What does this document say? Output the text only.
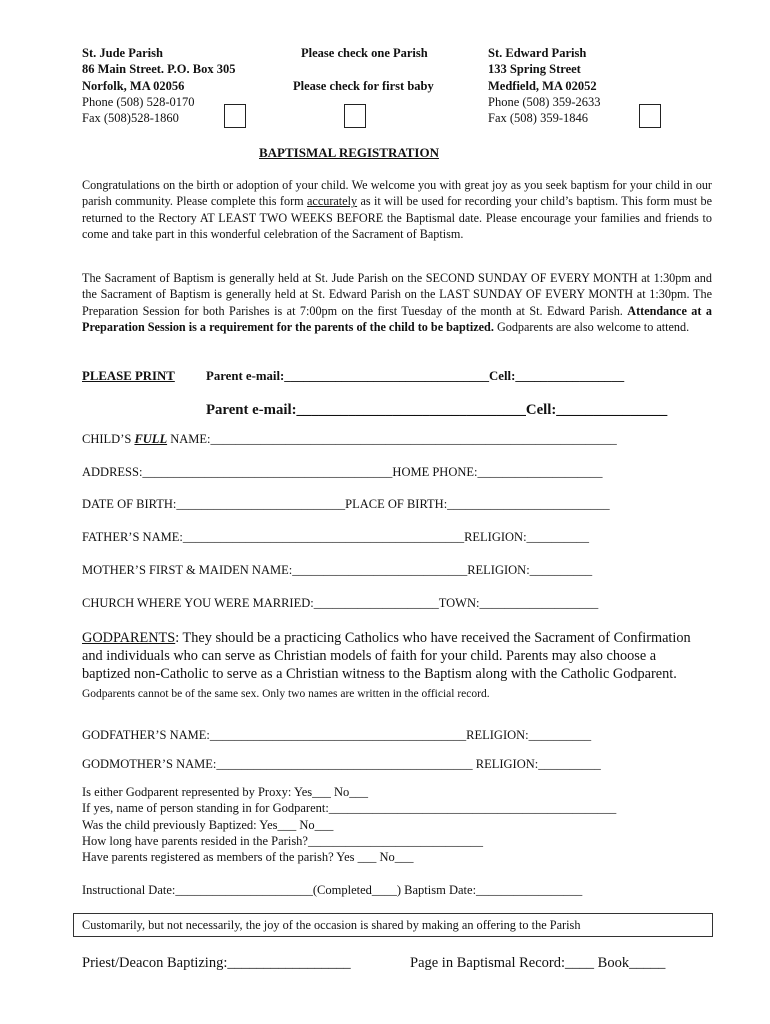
St. Jude Parish
86 Main Street. P.O. Box 305
Norfolk, MA 02056
Phone (508) 528-0170
Fax (508)528-1860
Please check one Parish
Please check for first baby
St. Edward Parish
133 Spring Street
Medfield, MA 02052
Phone (508) 359-2633
Fax (508) 359-1846
BAPTISMAL REGISTRATION
Congratulations on the birth or adoption of your child. We welcome you with great joy as you seek baptism for your child in our parish community. Please complete this form accurately as it will be used for recording your child’s baptism. This form must be returned to the Rectory AT LEAST TWO WEEKS BEFORE the Baptismal date. Please encourage your families and friends to come and take part in this wonderful celebration of the Sacrament of Baptism.
The Sacrament of Baptism is generally held at St. Jude Parish on the SECOND SUNDAY OF EVERY MONTH at 1:30pm and the Sacrament of Baptism is generally held at St. Edward Parish on the LAST SUNDAY OF EVERY MONTH at 1:30pm. The Preparation Session for both Parishes is at 7:00pm on the first Tuesday of the month at St. Edward Parish. Attendance at a Preparation Session is a requirement for the parents of the child to be baptized. Godparents are also welcome to attend.
PLEASE PRINT Parent e-mail:________________________________Cell:_________________
Parent e-mail:_______________________________Cell:_______________
CHILD’S FULL NAME:_________________________________________________________________
ADDRESS:________________________________________HOME PHONE:____________________
DATE OF BIRTH:___________________________PLACE OF BIRTH:__________________________
FATHER’S NAME:_____________________________________________RELIGION:__________
MOTHER’S FIRST & MAIDEN NAME:____________________________RELIGION:__________
CHURCH WHERE YOU WERE MARRIED:____________________TOWN:___________________
GODPARENTS: They should be a practicing Catholics who have received the Sacrament of Confirmation and individuals who can serve as Christian models of faith for your child. Parents may also choose a baptized non-Catholic to serve as a Christian witness to the Baptism along with the Catholic Godparent. Godparents cannot be of the same sex. Only two names are written in the official record.
GODFATHER’S NAME:_________________________________________RELIGION:__________
GODMOTHER’S NAME:_________________________________________ RELIGION:__________
Is either Godparent represented by Proxy: Yes___ No___
If yes, name of person standing in for Godparent:______________________________________________
Was the child previously Baptized: Yes___ No___
How long have parents resided in the Parish?____________________________
Have parents registered as members of the parish? Yes ___ No___
Instructional Date:______________________(Completed____) Baptism Date:_________________
Customarily, but not necessarily, the joy of the occasion is shared by making an offering to the Parish
Priest/Deacon Baptizing:_________________	Page in Baptismal Record:____ Book_____
